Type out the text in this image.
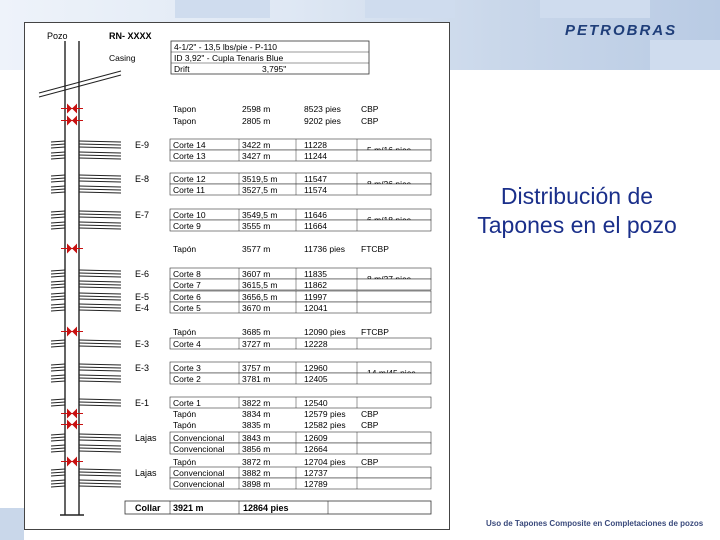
PETROBRAS
Pozo	RN- XXXX
4-1/2" - 13,5 lbs/pie - P-110
ID 3,92" - Cupla Tenaris Blue
Drift	3,795"
Casing
Tapon	2598 m	8523 pies CBP
Tapon	2805 m	9202 pies CBP
E-9	Corte 14	3422 m	11228
Corte 13	3427 m	11244
E-8	Corte 12	3519,5 m	11547
Corte 11	3527,5 m	11574
E-7	Corte 10	3549,5 m	11646
Corte 9	3555 m	11664
Tapón	3577 m	11736 pies FTCBP
E-6	Corte 8	3607 m	11835
Corte 7	3615,5 m	11862
E-5	Corte 6	3656,5 m	11997
E-4	Corte 5	3670 m	12041
Tapón	3685 m	12090 pies FTCBP
E-3	Corte 4	3727 m	12228
E-3	Corte 3	3757 m	12960
Corte 2	3781 m	12405
E-1	Corte 1	3822 m	12540
Tapón	3834 m	12579 pies CBP
Tapón	3835 m	12582 pies CBP
Lajas Convencional 3843 m	12609
Convencional 3856 m	12664
Tapón	3872 m	12704 pies CBP
Lajas Convencional 3882 m	12737
Convencional 3898 m	12789
Collar 3921 m	12864 pies
Distribución de Tapones en el pozo
Uso de Tapones Composite en Completaciones de pozos
